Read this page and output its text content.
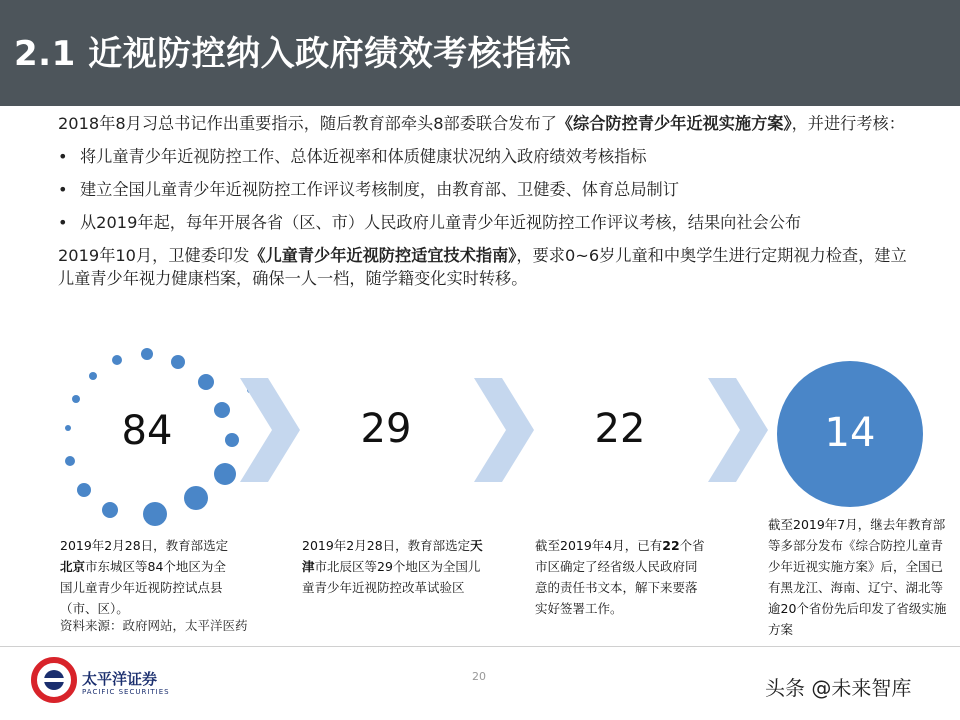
2.1 近视防控纳入政府绩效考核指标

2018年8月习总书记作出重要指示，随后教育部牵头8部委联合发布了《综合防控青少年近视实施方案》，并进行考核：

• 将儿童青少年近视防控工作、总体近视率和体质健康状况纳入政府绩效考核指标
• 建立全国儿童青少年近视防控工作评议考核制度，由教育部、卫健委、体育总局制订
• 从2019年起，每年开展各省（区、市）人民政府儿童青少年近视防控工作评议考核，结果向社会公布

2019年10月，卫健委印发《儿童青少年近视防控适宜技术指南》，要求0~6岁儿童和中奥学生进行定期视力检查，建立儿童青少年视力健康档案，确保一人一档，随学籍变化实时转移。

84	29	22	14
2019年2月28日，教育部选定北京市东城区等84个地区为全国儿童青少年近视防控试点县（市、区）。
2019年2月28日，教育部选定天津市北辰区等29个地区为全国儿童青少年近视防控改革试验区
截至2019年4月，已有22个省市区确定了经省级人民政府同意的责任书文本，解下来要落实好签署工作。
截至2019年7月，继去年教育部等多部分发布《综合防控儿童青少年近视实施方案》后，全国已有黑龙江、海南、辽宁、湖北等逾20个省份先后印发了省级实施方案
资料来源：政府网站，太平洋医药
太平洋证券
PACIFIC SECURITIES
20	头条 @未来智库
